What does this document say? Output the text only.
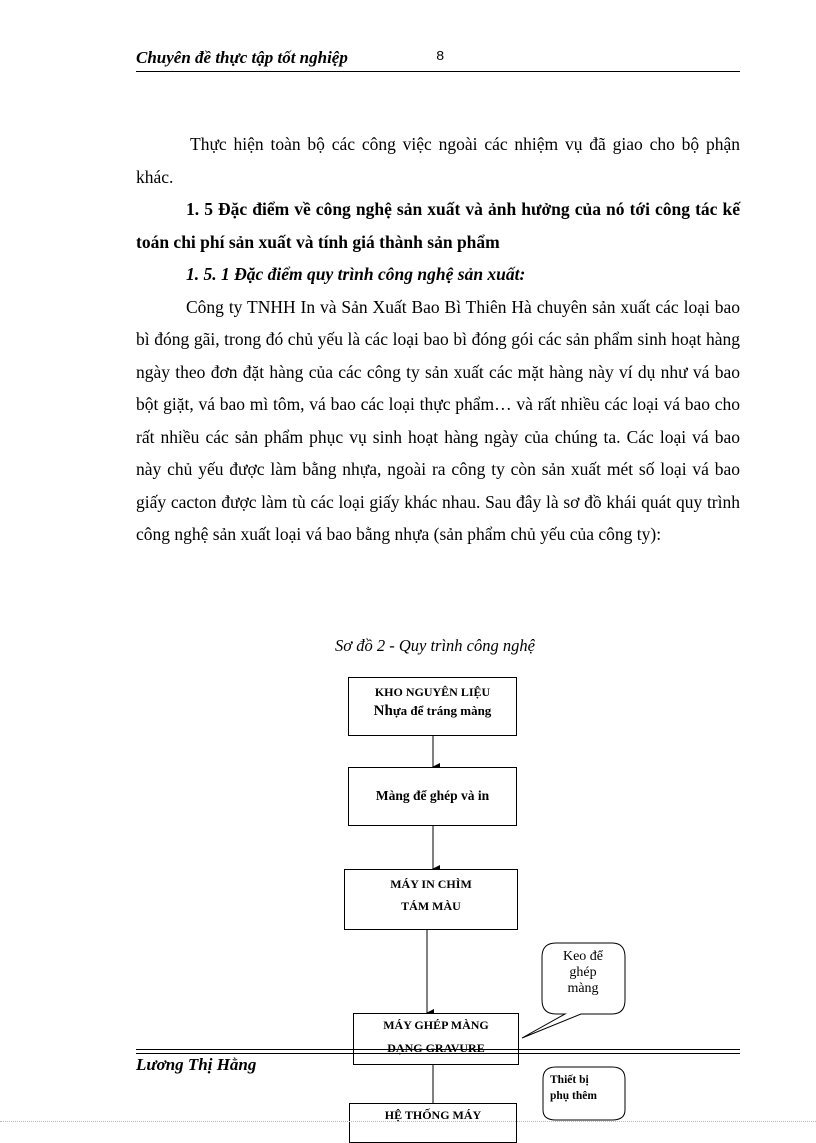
Chuyên đề thực tập tốt nghiệp	8

Thực hiện toàn bộ các công việc ngoài các nhiệm vụ đã giao cho bộ phận khác.

1. 5 Đặc điểm về công nghệ sản xuất và ảnh hưởng của nó tới công tác kế toán chi phí sản xuất và tính giá thành sản phẩm

1. 5. 1 Đặc điểm quy trình công nghệ sản xuất:

Công ty TNHH In và Sản Xuất Bao Bì Thiên Hà chuyên sản xuất các loại bao bì đóng gãi, trong đó chủ yếu là các loại bao bì đóng gói các sản phẩm sinh hoạt hàng ngày theo đơn đặt hàng của các công ty sản xuất các mặt hàng này ví dụ như vá bao bột giặt, vá bao mì tôm, vá bao các loại thực phẩm… và rất nhiều các loại vá bao cho rất nhiều các sản phẩm phục vụ sinh hoạt hàng ngày của chúng ta. Các loại vá bao này chủ yếu được làm bằng nhựa, ngoài ra công ty còn sản xuất mét số loại vá bao giấy cacton được làm tù các loại giấy khác nhau. Sau đây là sơ đồ khái quát quy trình công nghệ sản xuất loại vá bao bằng nhựa (sản phẩm chủ yếu của công ty):

Sơ đồ 2 - Quy trình công nghệ
KHO NGUYÊN LIỆU
Nhựa để tráng màng
Màng để ghép và in
MÁY IN CHÌM
TÁM MÀU
MÁY GHÉP MÀNG
DẠNG GRAVURE
HỆ THỐNG MÁY
Keo để
ghép
màng
Thiết bị
phụ thêm
Lương Thị Hằng
